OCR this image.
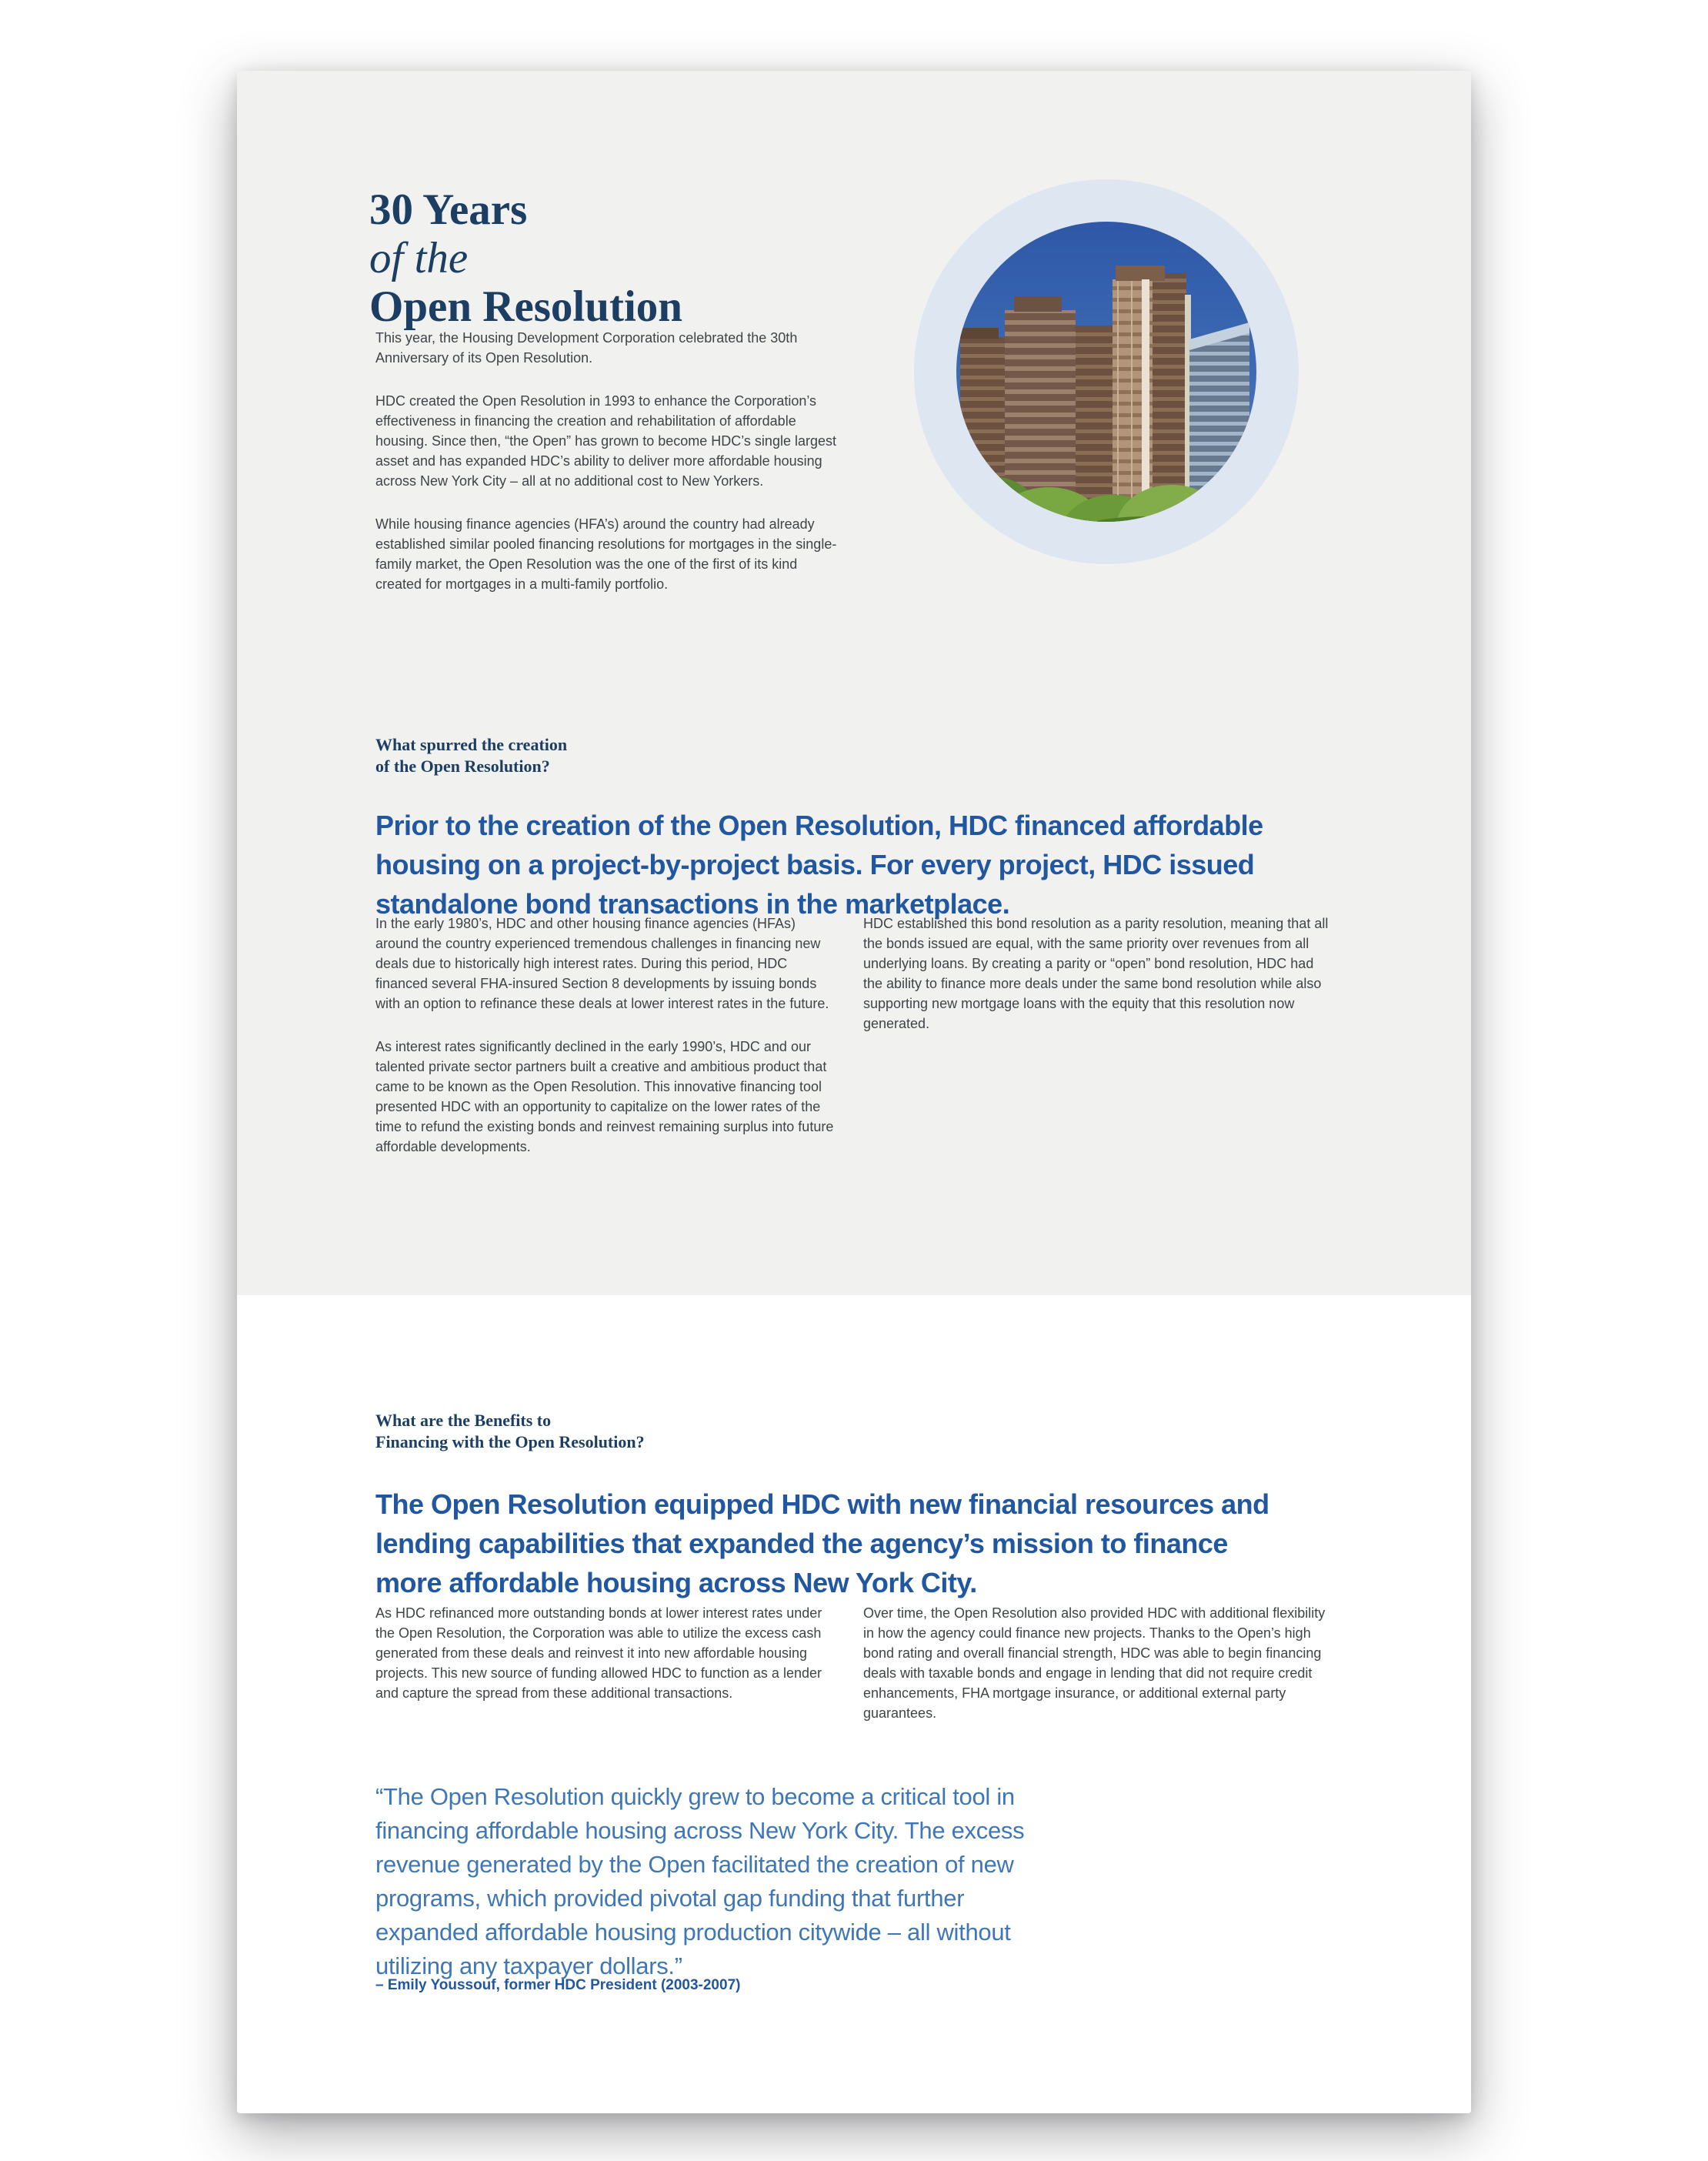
30 Years
of the
Open Resolution

This year, the Housing Development Corporation celebrated the 30th Anniversary of its Open Resolution.

HDC created the Open Resolution in 1993 to enhance the Corporation’s effectiveness in financing the creation and rehabilitation of affordable housing. Since then, “the Open” has grown to become HDC’s single largest asset and has expanded HDC’s ability to deliver more affordable housing across New York City – all at no additional cost to New Yorkers.

While housing finance agencies (HFA’s) around the country had already established similar pooled financing resolutions for mortgages in the single-family market, the Open Resolution was the one of the first of its kind created for mortgages in a multi-family portfolio.

What spurred the creation
of the Open Resolution?
Prior to the creation of the Open Resolution, HDC financed affordable
housing on a project-by-project basis. For every project, HDC issued
standalone bond transactions in the marketplace.

In the early 1980’s, HDC and other housing finance agencies (HFAs) around the country experienced tremendous challenges in financing new deals due to historically high interest rates. During this period, HDC financed several FHA-insured Section 8 developments by issuing bonds with an option to refinance these deals at lower interest rates in the future.

As interest rates significantly declined in the early 1990’s, HDC and our talented private sector partners built a creative and ambitious product that came to be known as the Open Resolution. This innovative financing tool presented HDC with an opportunity to capitalize on the lower rates of the time to refund the existing bonds and reinvest remaining surplus into future affordable developments.

HDC established this bond resolution as a parity resolution, meaning that all the bonds issued are equal, with the same priority over revenues from all underlying loans. By creating a parity or “open” bond resolution, HDC had the ability to finance more deals under the same bond resolution while also supporting new mortgage loans with the equity that this resolution now generated.

What are the Benefits to
Financing with the Open Resolution?
The Open Resolution equipped HDC with new financial resources and
lending capabilities that expanded the agency’s mission to finance
more affordable housing across New York City.

As HDC refinanced more outstanding bonds at lower interest rates under the Open Resolution, the Corporation was able to utilize the excess cash generated from these deals and reinvest it into new affordable housing projects. This new source of funding allowed HDC to function as a lender and capture the spread from these additional transactions.

Over time, the Open Resolution also provided HDC with additional flexibility in how the agency could finance new projects. Thanks to the Open’s high bond rating and overall financial strength, HDC was able to begin financing deals with taxable bonds and engage in lending that did not require credit enhancements, FHA mortgage insurance, or additional external party guarantees.

“The Open Resolution quickly grew to become a critical tool in
financing affordable housing across New York City. The excess
revenue generated by the Open facilitated the creation of new
programs, which provided pivotal gap funding that further
expanded affordable housing production citywide – all without
utilizing any taxpayer dollars.”
– Emily Youssouf, former HDC President (2003-2007)
